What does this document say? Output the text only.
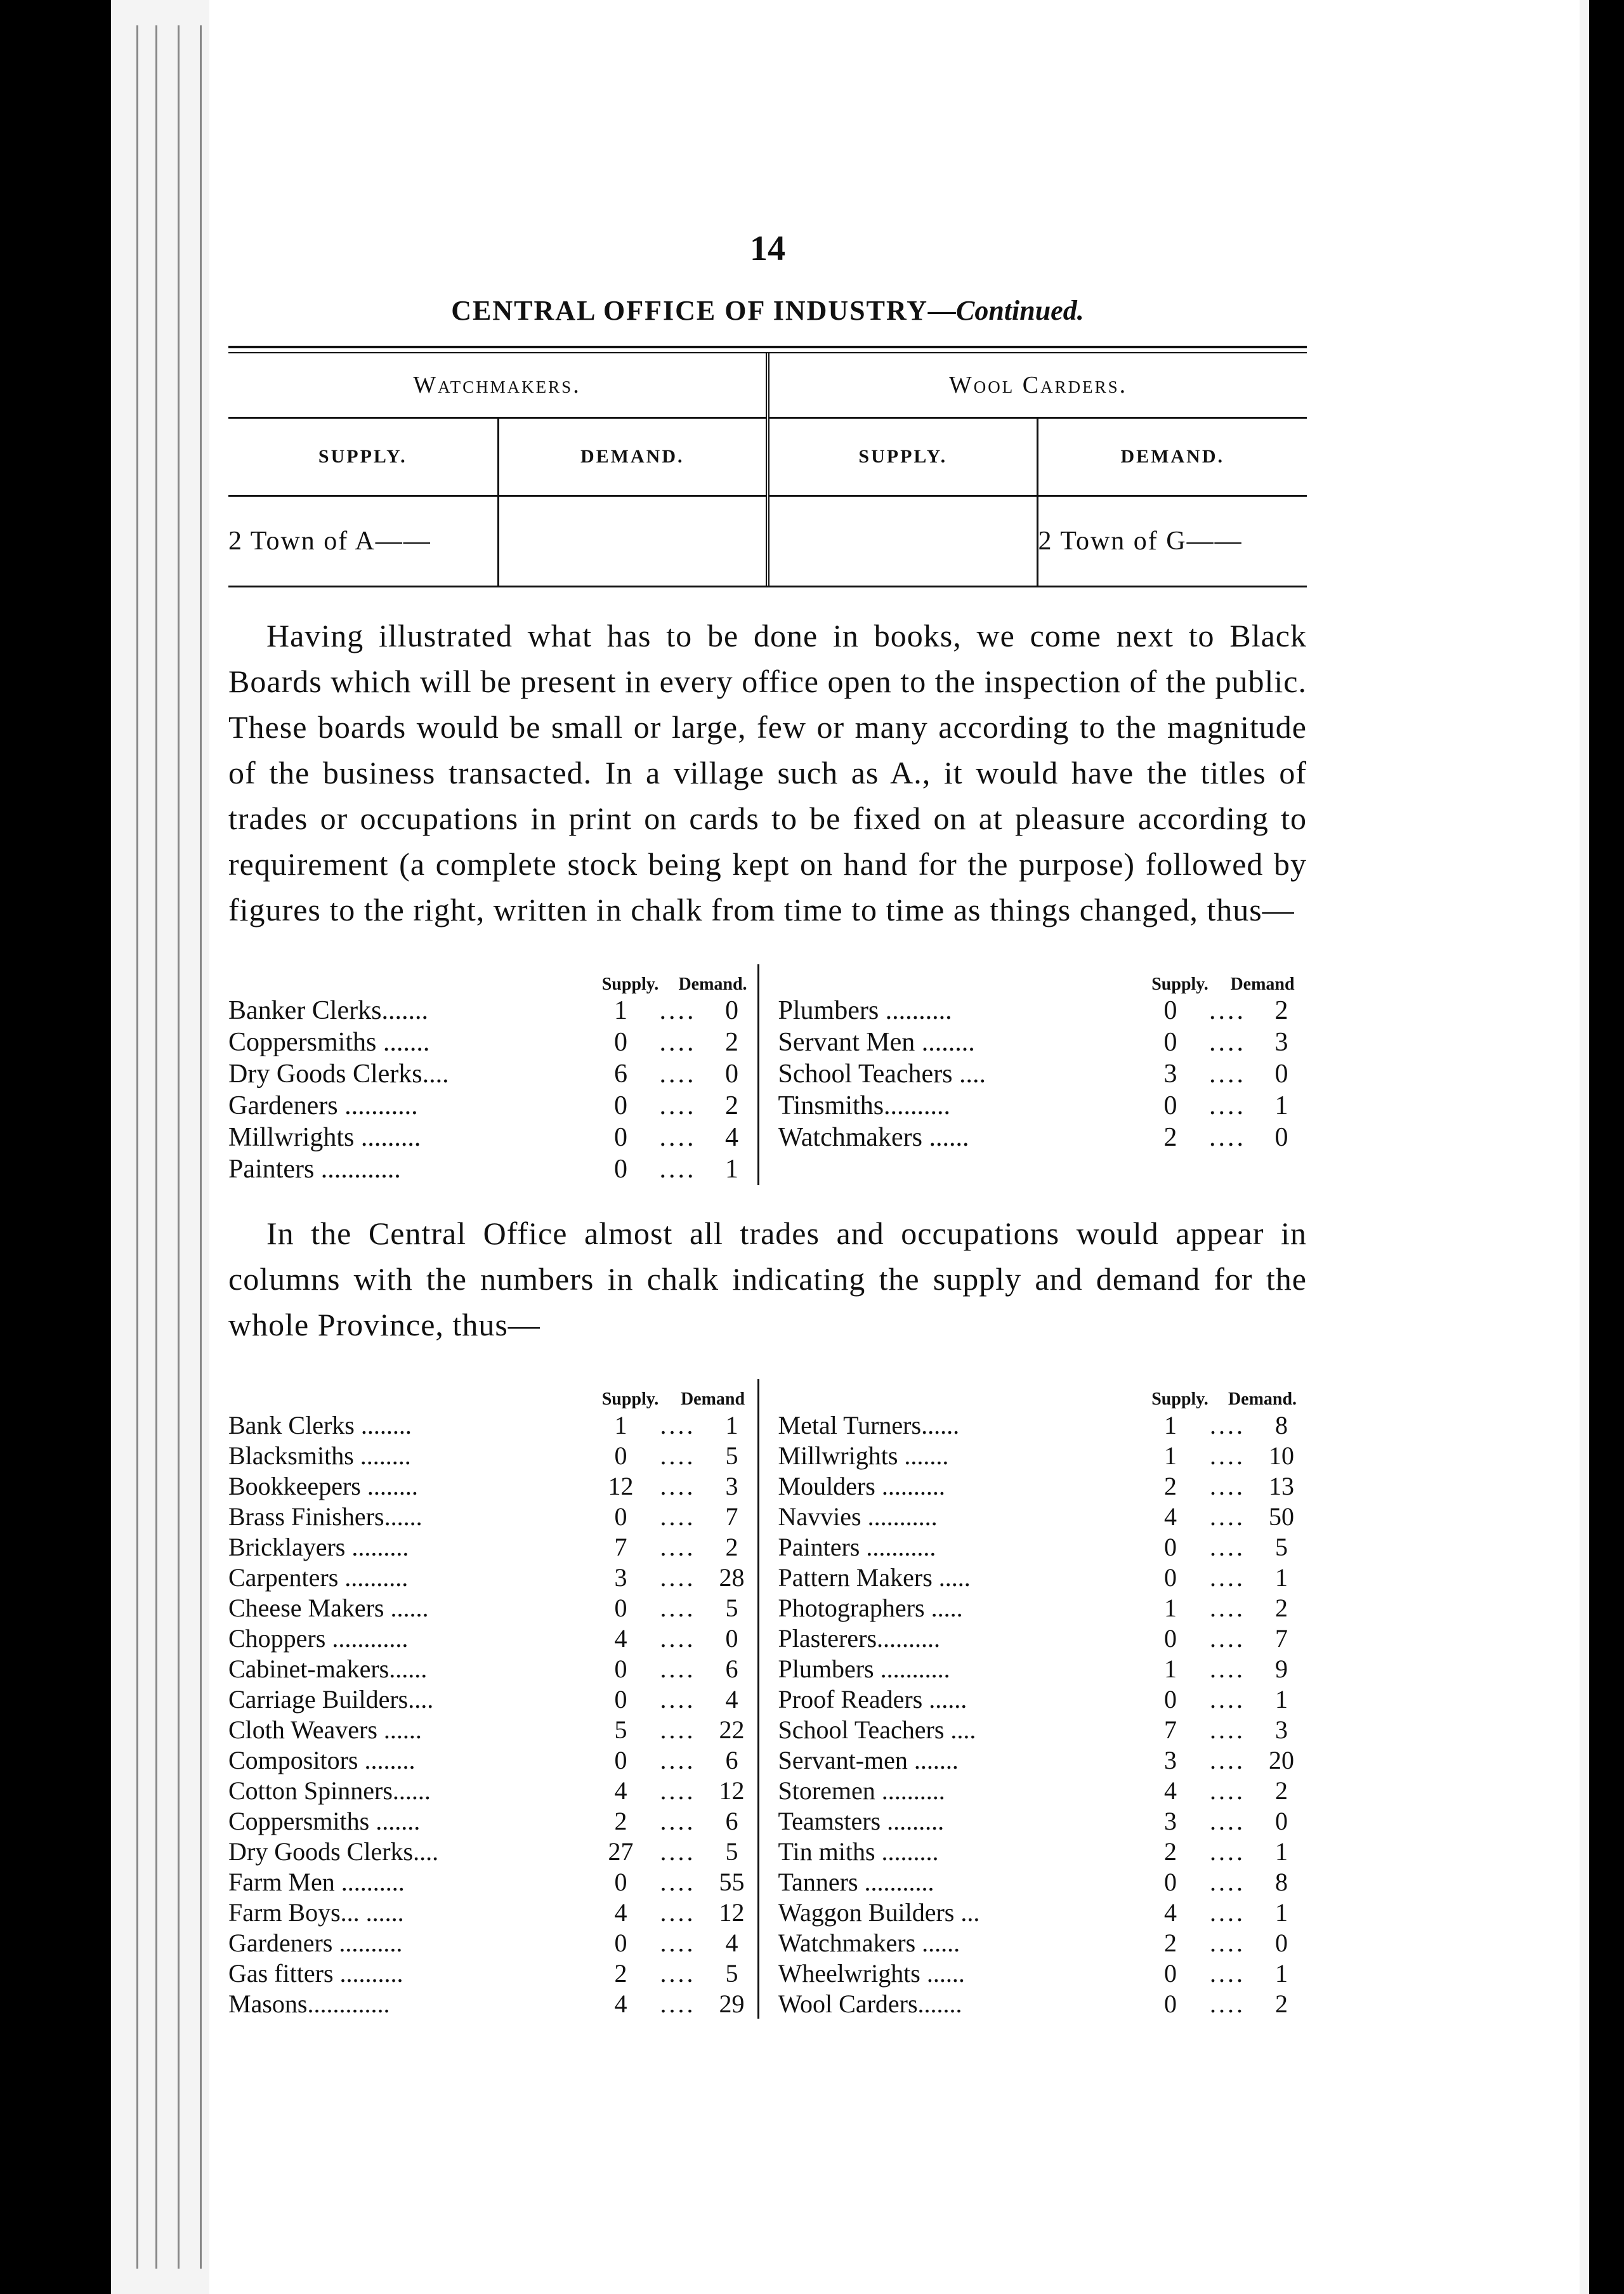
14
CENTRAL OFFICE OF INDUSTRY—Continued.
Watchmakers.		Wool Carders.	
SUPPLY.	DEMAND.	SUPPLY.	DEMAND.
2 Town of A——			2 Town of G——

Having illustrated what has to be done in books, we come next to Black Boards which will be present in every office open to the inspection of the public. These boards would be small or large, few or many according to the magnitude of the business transacted. In a village such as A., it would have the titles of trades or occupations in print on cards to be fixed on at pleasure according to requirement (a complete stock being kept on hand for the purpose) followed by figures to the right, written in chalk from time to time as things changed, thus—

Supply.	Demand.
Banker Clerks.......	1	....	0
Coppersmiths .......	0	....	2
Dry Goods Clerks....	6	....	0
Gardeners ...........	0	....	2
Millwrights .........	0	....	4
Painters ............	0	....	1
Supply.	Demand
Plumbers ..........	0	....	2
Servant Men ........	0	....	3
School Teachers ....	3	....	0
Tinsmiths..........	0	....	1
Watchmakers ......	2	....	0

In the Central Office almost all trades and occupations would appear in columns with the numbers in chalk indicating the supply and demand for the whole Province, thus—

Supply.	Demand
Bank Clerks ........	1	....	1
Blacksmiths ........	0	....	5
Bookkeepers ........	12	....	3
Brass Finishers......	0	....	7
Bricklayers .........	7	....	2
Carpenters ..........	3	.... 28
Cheese Makers ......	0	....	5
Choppers ............	4	....	0
Cabinet-makers......	0	....	6
Carriage Builders....	0	....	4
Cloth Weavers ......	5	.... 22
Compositors ........	0	....	6
Cotton Spinners......	4	.... 12
Coppersmiths .......	2	....	6
Dry Goods Clerks....	27	....	5
Farm Men ..........	0	.... 55
Farm Boys... ......	4	.... 12
Gardeners ..........	0	....	4
Gas fitters ..........	2	....	5
Masons.............	4	.... 29
Supply.	Demand.
Metal Turners......	1	....	8
Millwrights .......	1	.... 10
Moulders ..........	2	.... 13
Navvies ...........	4	.... 50
Painters ...........	0	....	5
Pattern Makers .....	0	....	1
Photographers .....	1	....	2
Plasterers..........	0	....	7
Plumbers ...........	1	....	9
Proof Readers ......	0	....	1
School Teachers ....	7	....	3
Servant-men .......	3	.... 20
Storemen ..........	4	....	2
Teamsters .........	3	....	0
Tin miths .........	2	....	1
Tanners ...........	0	....	8
Waggon Builders ...	4	....	1
Watchmakers ......	2	....	0
Wheelwrights ......	0	....	1
Wool Carders.......	0	....	2
